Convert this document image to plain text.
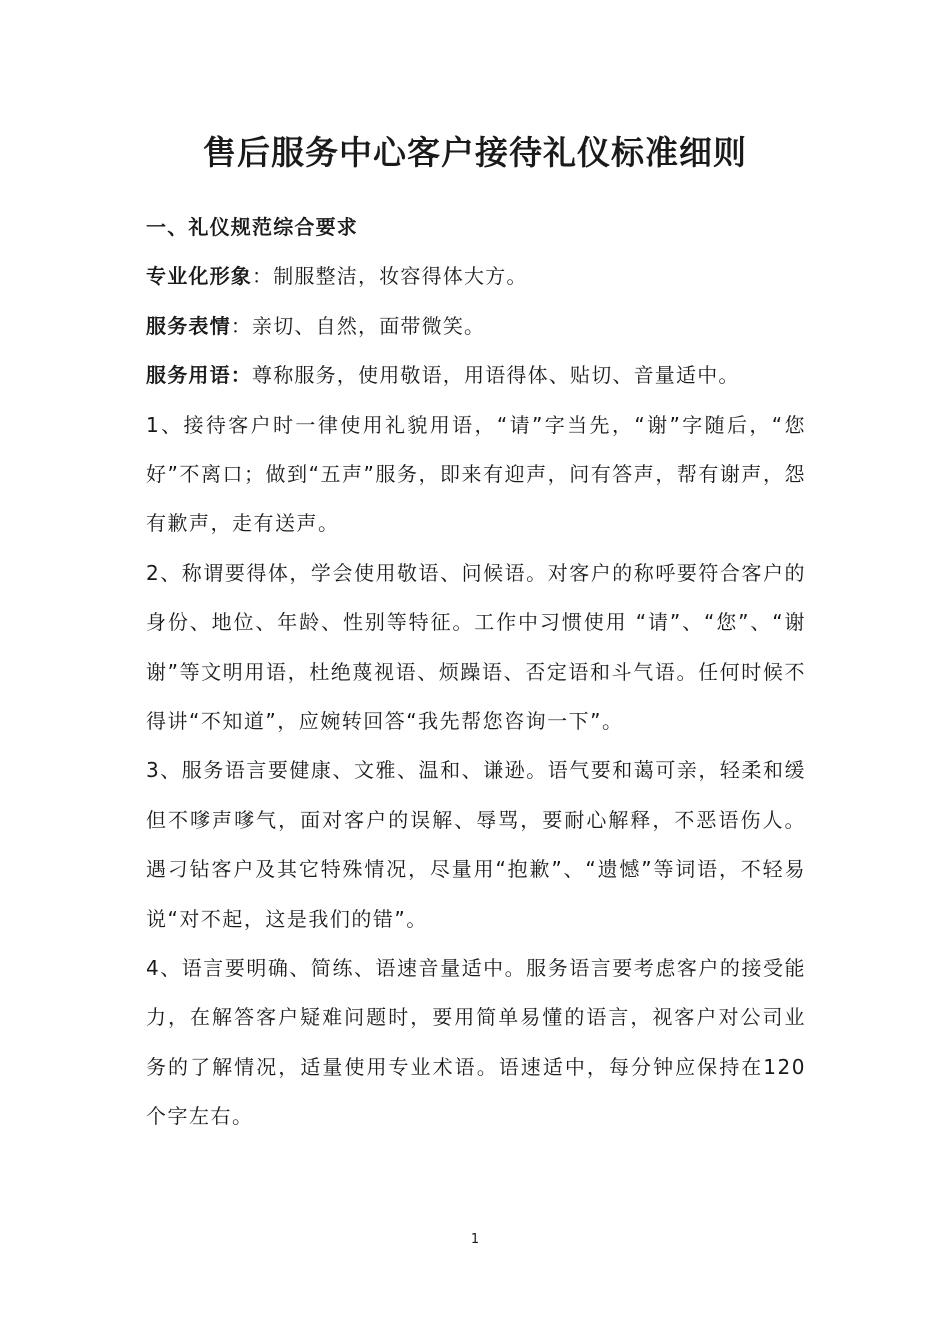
售后服务中心客户接待礼仪标准细则
一、礼仪规范综合要求
专业化形象：制服整洁，妆容得体大方。
服务表情：亲切、自然，面带微笑。
服务用语：尊称服务，使用敬语，用语得体、贴切、音量适中。

1、接待客户时一律使用礼貌用语，“请”字当先，“谢”字随后，“您好”不离口；做到“五声”服务，即来有迎声，问有答声，帮有谢声，怨有歉声，走有送声。

2、称谓要得体，学会使用敬语、问候语。对客户的称呼要符合客户的身份、地位、年龄、性别等特征。工作中习惯使用 “请”、“您”、“谢谢”等文明用语，杜绝蔑视语、烦躁语、否定语和斗气语。任何时候不得讲“不知道”，应婉转回答“我先帮您咨询一下”。

3、服务语言要健康、文雅、温和、谦逊。语气要和蔼可亲，轻柔和缓但不嗲声嗲气，面对客户的误解、辱骂，要耐心解释，不恶语伤人。遇刁钻客户及其它特殊情况，尽量用“抱歉”、“遗憾”等词语，不轻易说“对不起，这是我们的错”。

4、语言要明确、简练、语速音量适中。服务语言要考虑客户的接受能力，在解答客户疑难问题时，要用简单易懂的语言，视客户对公司业务的了解情况，适量使用专业术语。语速适中，每分钟应保持在120个字左右。

1
